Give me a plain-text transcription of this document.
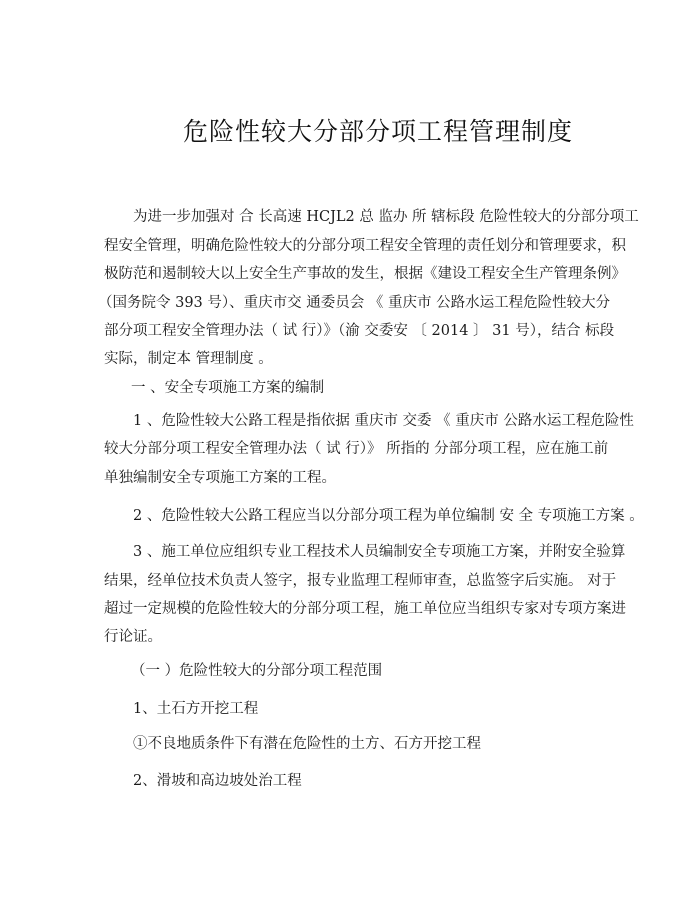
危险性较大分部分项工程管理制度
为进一步加强对 合 长高速 HCJL2 总 监办 所 辖标段 危险性较大的分部分项工
程安全管理，明确危险性较大的分部分项工程安全管理的责任划分和管理要求，积
极防范和遏制较大以上安全生产事故的发生，根据《建设工程安全生产管理条例》
（国务院令 393 号）、重庆市交 通委员会 《 重庆市 公路水运工程危险性较大分
部分项工程安全管理办法（ 试 行）》（渝 交委安 〔 2014 〕 31 号），结合 标段
实际，制定本 管理制度 。
一 、安全专项施工方案的编制
1 、危险性较大公路工程是指依据 重庆市 交委 《 重庆市 公路水运工程危险性
较大分部分项工程安全管理办法（ 试 行）》 所指的 分部分项工程，应在施工前
单独编制安全专项施工方案的工程。
2 、危险性较大公路工程应当以分部分项工程为单位编制 安 全 专项施工方案 。
3 、施工单位应组织专业工程技术人员编制安全专项施工方案，并附安全验算
结果，经单位技术负责人签字，报专业监理工程师审查，总监签字后实施。 对于
超过一定规模的危险性较大的分部分项工程，施工单位应当组织专家对专项方案进
行论证。
（一 ）危险性较大的分部分项工程范围
1、土石方开挖工程
①不良地质条件下有潜在危险性的土方、石方开挖工程
2、滑坡和高边坡处治工程
